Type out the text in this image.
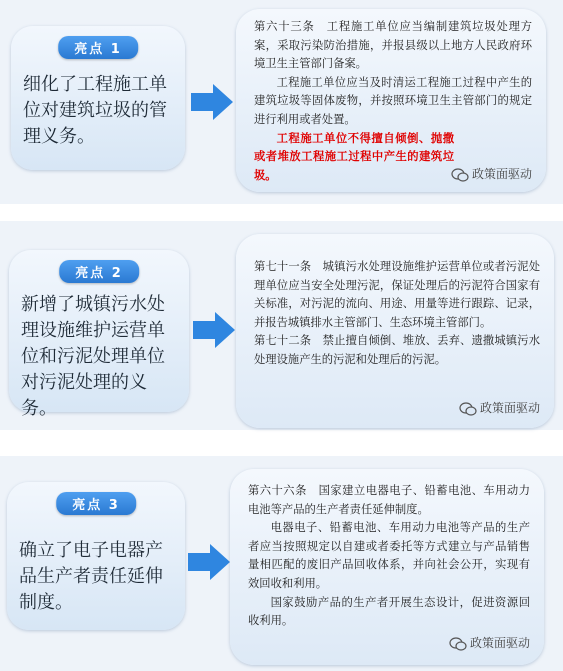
亮点 1
细化了工程施工单位对建筑垃圾的管理义务。

第六十三条　工程施工单位应当编制建筑垃圾处理方案，采取污染防治措施，并报县级以上地方人民政府环境卫生主管部门备案。

工程施工单位应当及时清运工程施工过程中产生的建筑垃圾等固体废物，并按照环境卫生主管部门的规定进行利用或者处置。

工程施工单位不得擅自倾倒、抛撒或者堆放工程施工过程中产生的建筑垃圾。	政策面驱动
亮点 2
新增了城镇污水处理设施维护运营单位和污泥处理单位对污泥处理的义务。

第七十一条　城镇污水处理设施维护运营单位或者污泥处理单位应当安全处理污泥，保证处理后的污泥符合国家有关标准，对污泥的流向、用途、用量等进行跟踪、记录，并报告城镇排水主管部门、生态环境主管部门。

第七十二条　禁止擅自倾倒、堆放、丢弃、遗撒城镇污水处理设施产生的污泥和处理后的污泥。

政策面驱动
亮点 3
确立了电子电器产品生产者责任延伸制度。

第六十六条　国家建立电器电子、铅蓄电池、车用动力电池等产品的生产者责任延伸制度。

电器电子、铅蓄电池、车用动力电池等产品的生产者应当按照规定以自建或者委托等方式建立与产品销售量相匹配的废旧产品回收体系，并向社会公开，实现有效回收和利用。

国家鼓励产品的生产者开展生态设计，促进资源回收利用。

政策面驱动
